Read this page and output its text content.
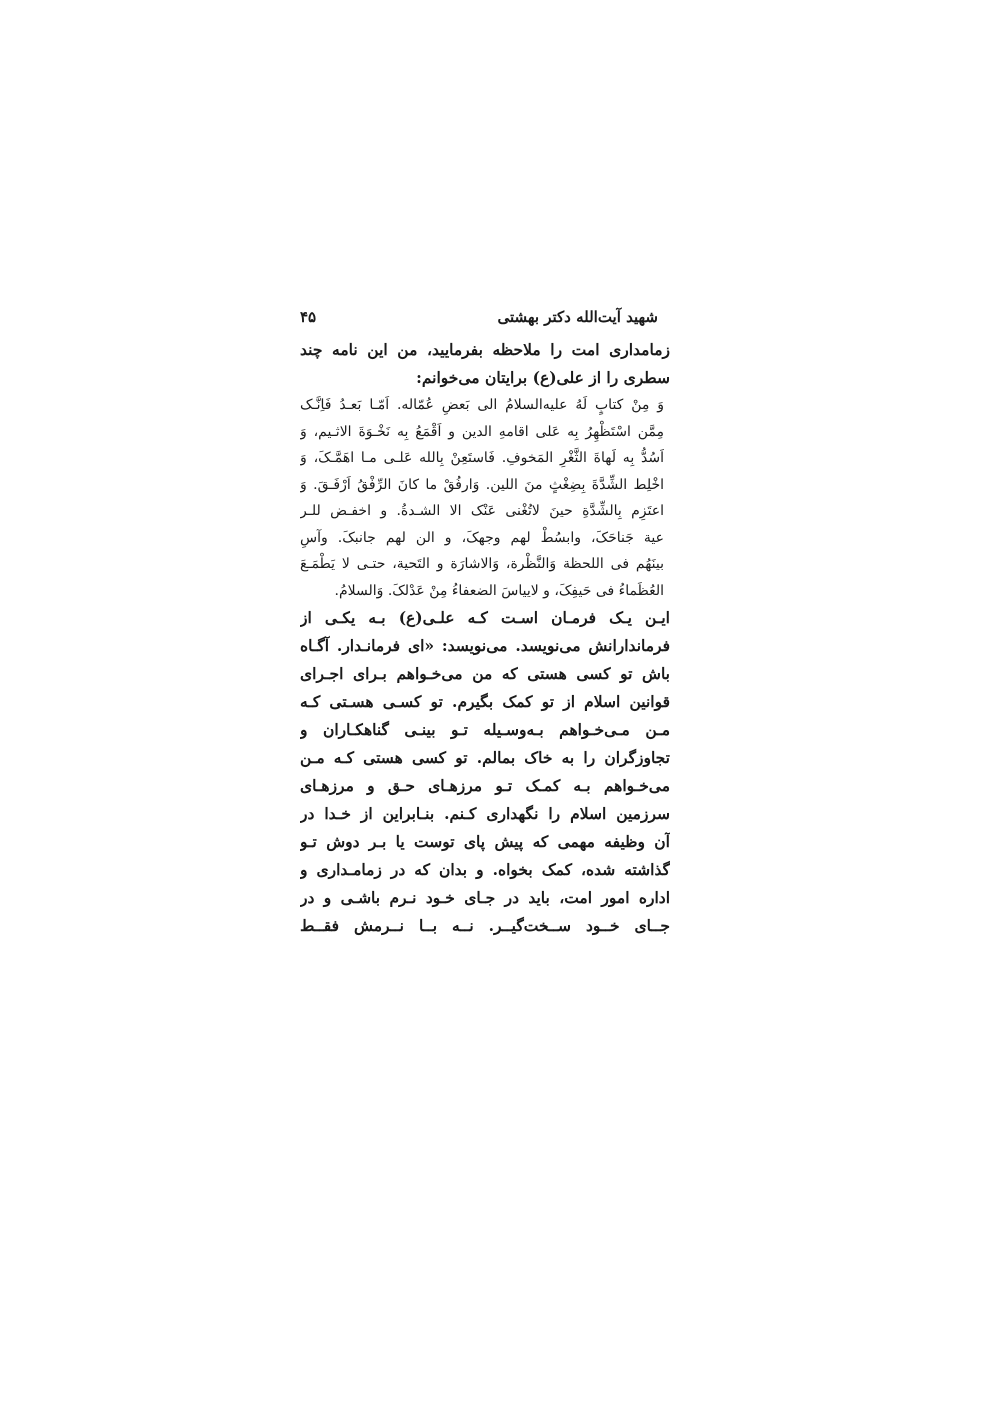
شهید آیت‌الله دکتر بهشتی
۴۵
زمامداری امت را ملاحظه بفرمایید، من این نامه چند
سطری را از علی(ع) برایتان می‌خوانم:
وَ مِنْ کتابٍ لَهُ علیه‌السلامُ الی بَعضِ عُمّاله. اَمّـا بَعـدُ فَاِنَّـک
مِمَّن اسْتَظْهِرُ بِه عَلی اقامهِ الدین و اَقْمَعُ بِه نَخْـوَةَ الاثـیم، وَ
اَسُدُّ بِه لَهاةَ الثَّغْرِ المَخوفِ. فَاستَعِنْ بِالله عَلـی مـا اهَمَّـکَ، وَ
اخْلِط الشِّدَّةَ بِضِغْثٍ منَ اللین. وَارفُقْ ما کانَ الرِّفْقُ اَرْفَـقَ. وَ
اعتَزِم بِالشِّدَّةِ حینَ لاتُغْنی عَنْک الا الشـدةُ. و اخفـض للـر
عیة جَناحَکَ، وابسُطْ لهم وجهکَ، و الن لهم جانبکَ. وآسِ
بینَهُم فی اللحظة وَالنَّظْرة، وَالاشارَة و التَحیة، حتـی لا یَطْمَـعَ
العُظَماءُ فی حَیفِکَ، و لاییاسَ الضعفاءُ مِنْ عَدْلکَ. وَالسلامُ.
ایـن یـک فرمـان اسـت کـه علـی(ع) بـه یکـی از
فرماندارانش می‌نویسد. می‌نویسد: «ای فرمانـدار. آگـاه
باش تو کسی هستی که من می‌خـواهم بـرای اجـرای
قوانین اسلام از تو کمک بگیرم. تو کسـی هسـتی کـه
مـن مـی‌خـواهم بـه‌وسـیله تـو بینـی گناهکـاران و
تجاوزگران را به خاک بمالم. تو کسی هستی کـه مـن
می‌خـواهم بـه کمـک تـو مرزهـای حـق و مرزهـای
سرزمین اسلام را نگهداری کـنم. بنـابراین از خـدا در
آن وظیفه مهمی که پیش پای توست یا بـر دوش تـو
گذاشته شده، کمک بخواه. و بدان که در زمامـداری و
اداره امور امت، باید در جـای خـود نـرم باشـی و در
جــای خــود ســخت‌گیــر. نــه بــا نــرمش فقــط
